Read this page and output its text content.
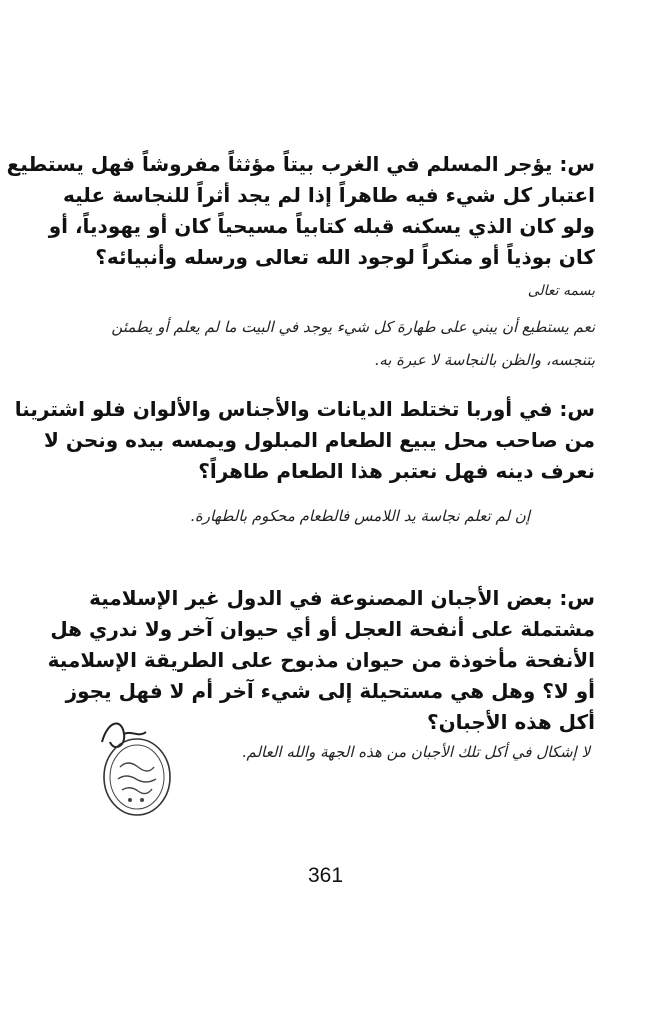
س: يؤجر المسلم في الغرب بيتاً مؤثثاً مفروشاً فهل يستطيع
اعتبار كل شيء فيه طاهراً إذا لم يجد أثراً للنجاسة عليه
ولو كان الذي يسكنه قبله كتابياً مسيحياً كان أو يهودياً، أو
كان بوذياً أو منكراً لوجود الله تعالى ورسله وأنبيائه؟
بسمه تعالى
نعم يستطيع أن يبني على طهارة كل شيء يوجد في البيت ما لم يعلم أو يطمئن
بتنجسه، والظن بالنجاسة لا عبرة به.
س: في أوربا تختلط الديانات والأجناس والألوان فلو اشترينا
من صاحب محل يبيع الطعام المبلول ويمسه بيده ونحن لا
نعرف دينه فهل نعتبر هذا الطعام طاهراً؟
إن لم تعلم نجاسة يد اللامس فالطعام محكوم بالطهارة.
س: بعض الأجبان المصنوعة في الدول غير الإسلامية
مشتملة على أنفحة العجل أو أي حيوان آخر ولا ندري هل
الأنفحة مأخوذة من حيوان مذبوح على الطريقة الإسلامية
أو لا؟ وهل هي مستحيلة إلى شيء آخر أم لا فهل يجوز
أكل هذه الأجبان؟
لا إشكال في أكل تلك الأجبان من هذه الجهة والله العالم.
361
